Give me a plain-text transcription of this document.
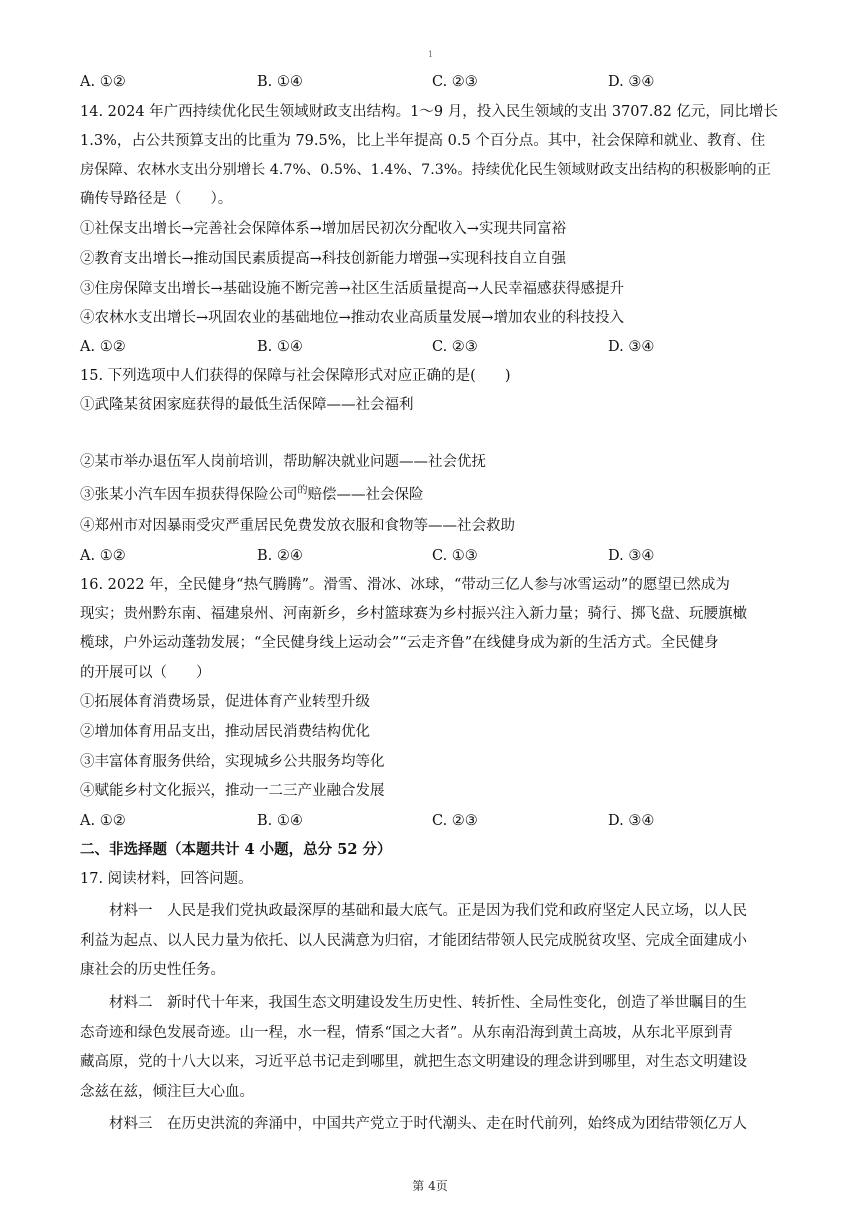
1
A. ①②	B. ①④	C. ②③	D. ③④
14. 2024 年广西持续优化民生领域财政支出结构。1～9 月，投入民生领域的支出 3707.82 亿元，同比增长
1.3%，占公共预算支出的比重为 79.5%，比上半年提高 0.5 个百分点。其中，社会保障和就业、教育、住
房保障、农林水支出分别增长 4.7%、0.5%、1.4%、7.3%。持续优化民生领域财政支出结构的积极影响的正
确传导路径是（　　）。
①社保支出增长→完善社会保障体系→增加居民初次分配收入→实现共同富裕
②教育支出增长→推动国民素质提高→科技创新能力增强→实现科技自立自强
③住房保障支出增长→基础设施不断完善→社区生活质量提高→人民幸福感获得感提升
④农林水支出增长→巩固农业的基础地位→推动农业高质量发展→增加农业的科技投入
A. ①②	B. ①④	C. ②③	D. ③④
15. 下列选项中人们获得的保障与社会保障形式对应正确的是(　　)
①武隆某贫困家庭获得的最低生活保障——社会福利
②某市举办退伍军人岗前培训，帮助解决就业问题——社会优抚
③张某小汽车因车损获得保险公司$^的$赔偿——社会保险
④郑州市对因暴雨受灾严重居民免费发放衣服和食物等——社会救助
A. ①②	B. ②④	C. ①③	D. ③④
16. 2022 年，全民健身“热气腾腾”。滑雪、滑冰、冰球，“带动三亿人参与冰雪运动”的愿望已然成为
现实；贵州黔东南、福建泉州、河南新乡，乡村篮球赛为乡村振兴注入新力量；骑行、掷飞盘、玩腰旗橄
榄球，户外运动蓬勃发展；“全民健身线上运动会”“云走齐鲁”在线健身成为新的生活方式。全民健身
的开展可以（　　）
①拓展体育消费场景，促进体育产业转型升级
②增加体育用品支出，推动居民消费结构优化
③丰富体育服务供给，实现城乡公共服务均等化
④赋能乡村文化振兴，推动一二三产业融合发展
A. ①②	B. ①④	C. ②③	D. ③④
二、非选择题（本题共计 4 小题，总分 52 分）
17. 阅读材料，回答问题。
　　材料一　人民是我们党执政最深厚的基础和最大底气。正是因为我们党和政府坚定人民立场，以人民
利益为起点、以人民力量为依托、以人民满意为归宿，才能团结带领人民完成脱贫攻坚、完成全面建成小
康社会的历史性任务。
　　材料二　新时代十年来，我国生态文明建设发生历史性、转折性、全局性变化，创造了举世瞩目的生
态奇迹和绿色发展奇迹。山一程，水一程，情系“国之大者”。从东南沿海到黄土高坡，从东北平原到青
藏高原，党的十八大以来，习近平总书记走到哪里，就把生态文明建设的理念讲到哪里，对生态文明建设
念兹在兹，倾注巨大心血。
　　材料三　在历史洪流的奔涌中，中国共产党立于时代潮头、走在时代前列，始终成为团结带领亿万人
第 4页
